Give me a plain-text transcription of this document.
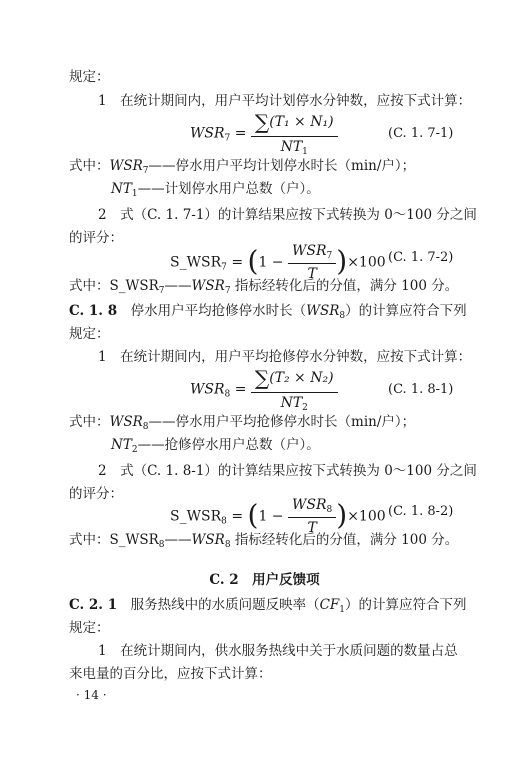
规定：
1　在统计期间内，用户平均计划停水分钟数，应按下式计算：
$WSR_7 = \frac{\text{∑(T₁ × N₁)}}{NT_1}$	(C. 1. 7-1)
式中：$WSR_7——$停水用户平均计划停水时长（min/户）；
$NT_1——$计划停水用户总数（户）。
2　式（C. 1. 7-1）的计算结果应按下式转换为 0～100 分之间
的评分：
$S\_WSR_7 = (1 - \frac{WSR_7}{T} )\times 100$ (C. 1. 7-2)
式中：$S\_WSR_7——WSR_7$ 指标经转化后的分值，满分 100 分。
C. 1. 8　停水用户平均抢修停水时长$(WSR_8)$的计算应符合下列
规定：
1　在统计期间内，用户平均抢修停水分钟数，应按下式计算：
$WSR_8 = \frac{\text{∑(T₂ × N₂)}}{NT_2}$	(C. 1. 8-1)
式中：$WSR_8——$停水用户平均抢修停水时长（min/户）；
$NT_2——$抢修停水用户总数（户）。
2　式（C. 1. 8-1）的计算结果应按下式转换为 0～100 分之间
的评分：
$S\_WSR_8 = (1 - \frac{WSR_8}{T} )\times 100$ (C. 1. 8-2)
式中：$S\_WSR_8——WSR_8$ 指标经转化后的分值，满分 100 分。
C. 2　用户反馈项
C. 2. 1　服务热线中的水质问题反映率$(CF_1)$的计算应符合下列
规定：
1　在统计期间内，供水服务热线中关于水质问题的数量占总
来电量的百分比，应按下式计算：
· 14 ·
